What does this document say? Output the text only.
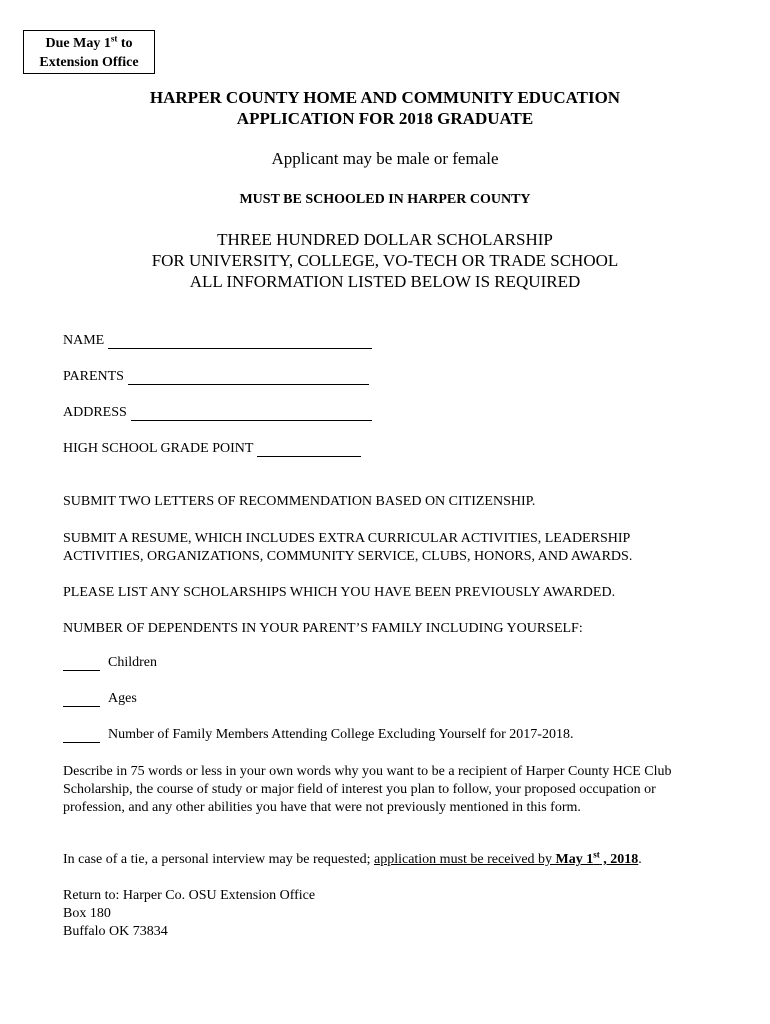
Due May 1st to
Extension Office
HARPER COUNTY HOME AND COMMUNITY EDUCATION
APPLICATION FOR 2018 GRADUATE
Applicant may be male or female
MUST BE SCHOOLED IN HARPER COUNTY
THREE HUNDRED DOLLAR SCHOLARSHIP
FOR UNIVERSITY, COLLEGE, VO-TECH OR TRADE SCHOOL
ALL INFORMATION LISTED BELOW IS REQUIRED
NAME
PARENTS
ADDRESS
HIGH SCHOOL GRADE POINT
SUBMIT TWO LETTERS OF RECOMMENDATION BASED ON CITIZENSHIP.
SUBMIT A RESUME, WHICH INCLUDES EXTRA CURRICULAR ACTIVITIES, LEADERSHIP ACTIVITIES, ORGANIZATIONS, COMMUNITY SERVICE, CLUBS, HONORS, AND AWARDS.
PLEASE LIST ANY SCHOLARSHIPS WHICH YOU HAVE BEEN PREVIOUSLY AWARDED.
NUMBER OF DEPENDENTS IN YOUR PARENT’S FAMILY INCLUDING YOURSELF:
Children
Ages
Number of Family Members Attending College Excluding Yourself for 2017-2018.
Describe in 75 words or less in your own words why you want to be a recipient of Harper County HCE Club Scholarship, the course of study or major field of interest you plan to follow, your proposed occupation or profession, and any other abilities you have that were not previously mentioned in this form.
In case of a tie, a personal interview may be requested; application must be received by May 1st , 2018.
Return to: Harper Co. OSU Extension Office
Box 180
Buffalo OK 73834
